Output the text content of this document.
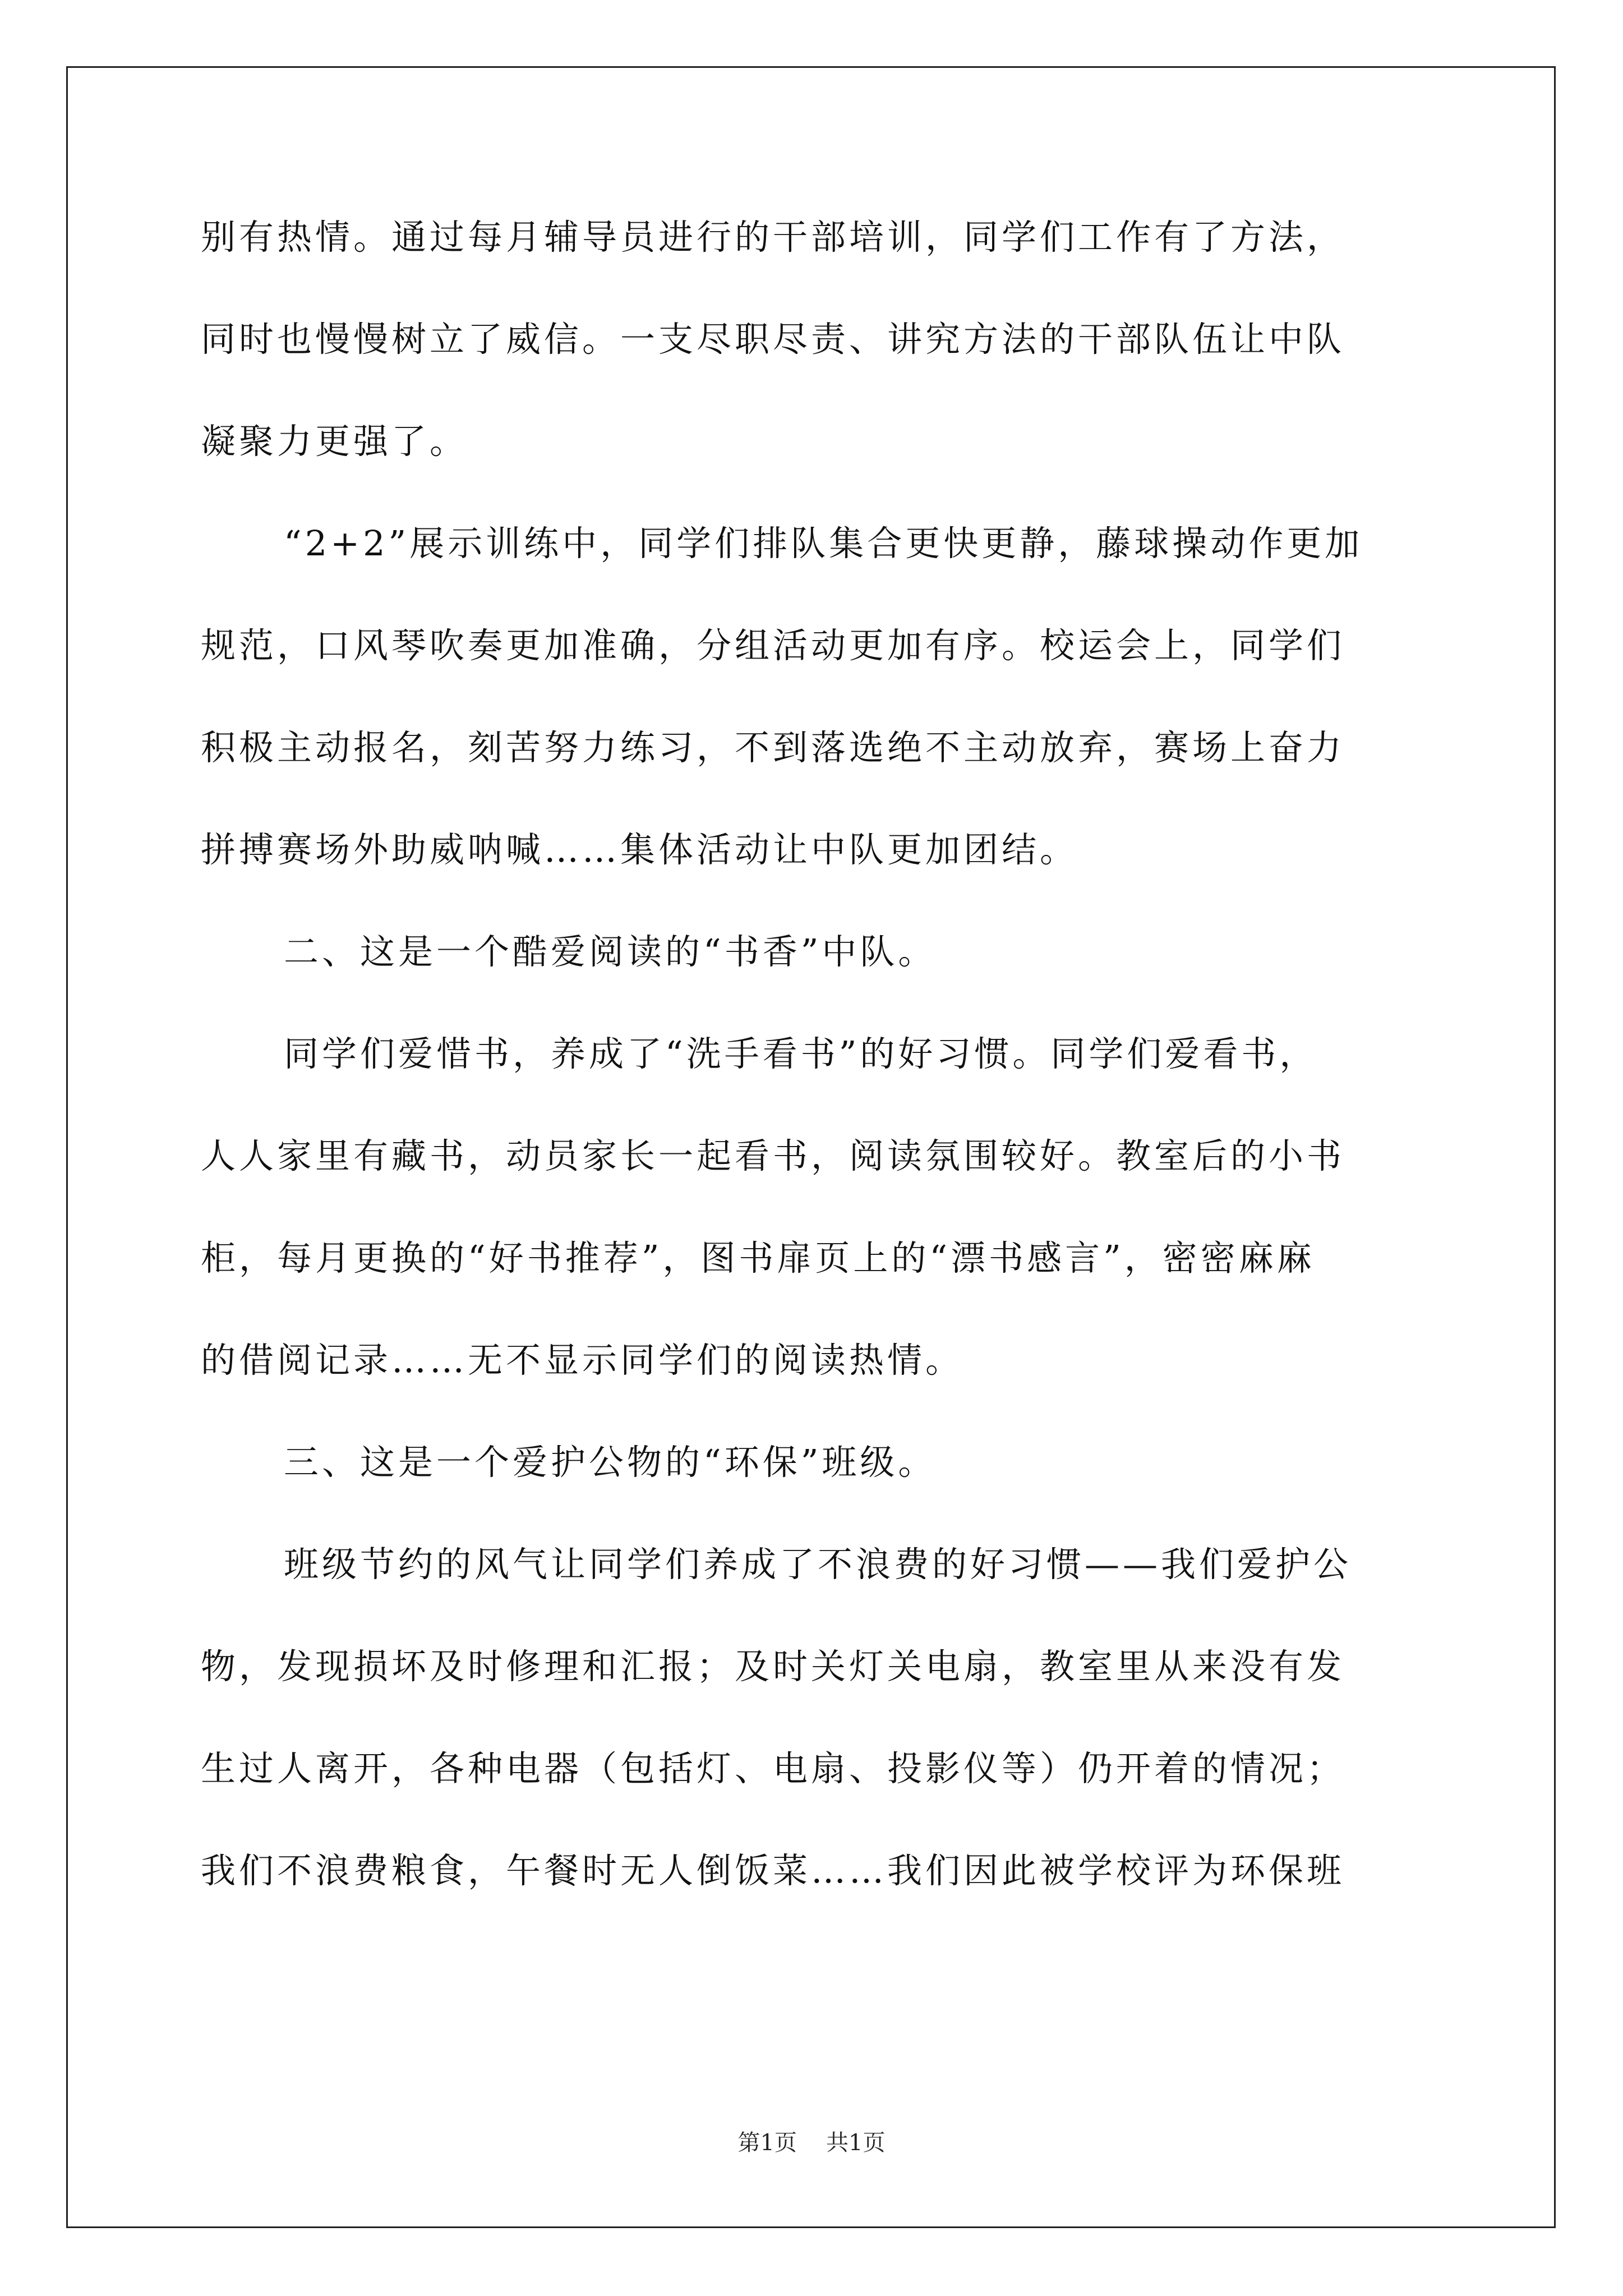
别有热情。通过每月辅导员进行的干部培训，同学们工作有了方法，
同时也慢慢树立了威信。一支尽职尽责、讲究方法的干部队伍让中队
凝聚力更强了。
“2+2”展示训练中，同学们排队集合更快更静，藤球操动作更加
规范，口风琴吹奏更加准确，分组活动更加有序。校运会上，同学们
积极主动报名，刻苦努力练习，不到落选绝不主动放弃，赛场上奋力
拼搏赛场外助威呐喊……集体活动让中队更加团结。
二、这是一个酷爱阅读的“书香”中队。
同学们爱惜书，养成了“洗手看书”的好习惯。同学们爱看书，
人人家里有藏书，动员家长一起看书，阅读氛围较好。教室后的小书
柜，每月更换的“好书推荐”，图书扉页上的“漂书感言”，密密麻麻
的借阅记录……无不显示同学们的阅读热情。
三、这是一个爱护公物的“环保”班级。
班级节约的风气让同学们养成了不浪费的好习惯——我们爱护公
物，发现损坏及时修理和汇报；及时关灯关电扇，教室里从来没有发
生过人离开，各种电器（包括灯、电扇、投影仪等）仍开着的情况；
我们不浪费粮食，午餐时无人倒饭菜……我们因此被学校评为环保班
第1页 共1页
